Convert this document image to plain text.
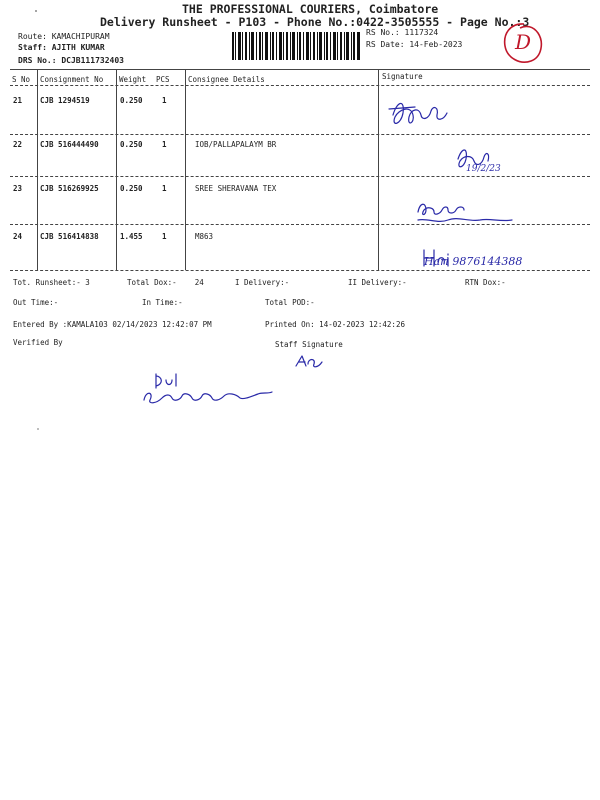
THE PROFESSIONAL COURIERS, Coimbatore
Delivery Runsheet - P103 - Phone No.:0422-3505555 - Page No.:3
Route: KAMACHIPURAM
Staff: AJITH KUMAR
DRS No.: DCJB111732403
RS No.: 1117324
RS Date: 14-Feb-2023	D
S No Consignment No Weight PCS Consignee Details	Signature
21 CJB 1294519	0.250	1
22 CJB 516444490	0.250	1	IOB/PALLAPALAYM BR
23 CJB 516269925	0.250	1	SREE SHERAVANA TEX
24 CJB 516414838	1.455	1	M863
19/2/23
Hari 9876144388
Tot. Runsheet:- 3	Total Dox:-    24	I Delivery:-	II Delivery:-	RTN Dox:-
Out Time:-	In Time:-	Total POD:-
Entered By :KAMALA103 02/14/2023 12:42:07 PM	Printed On: 14-02-2023 12:42:26
Verified By	Staff Signature
